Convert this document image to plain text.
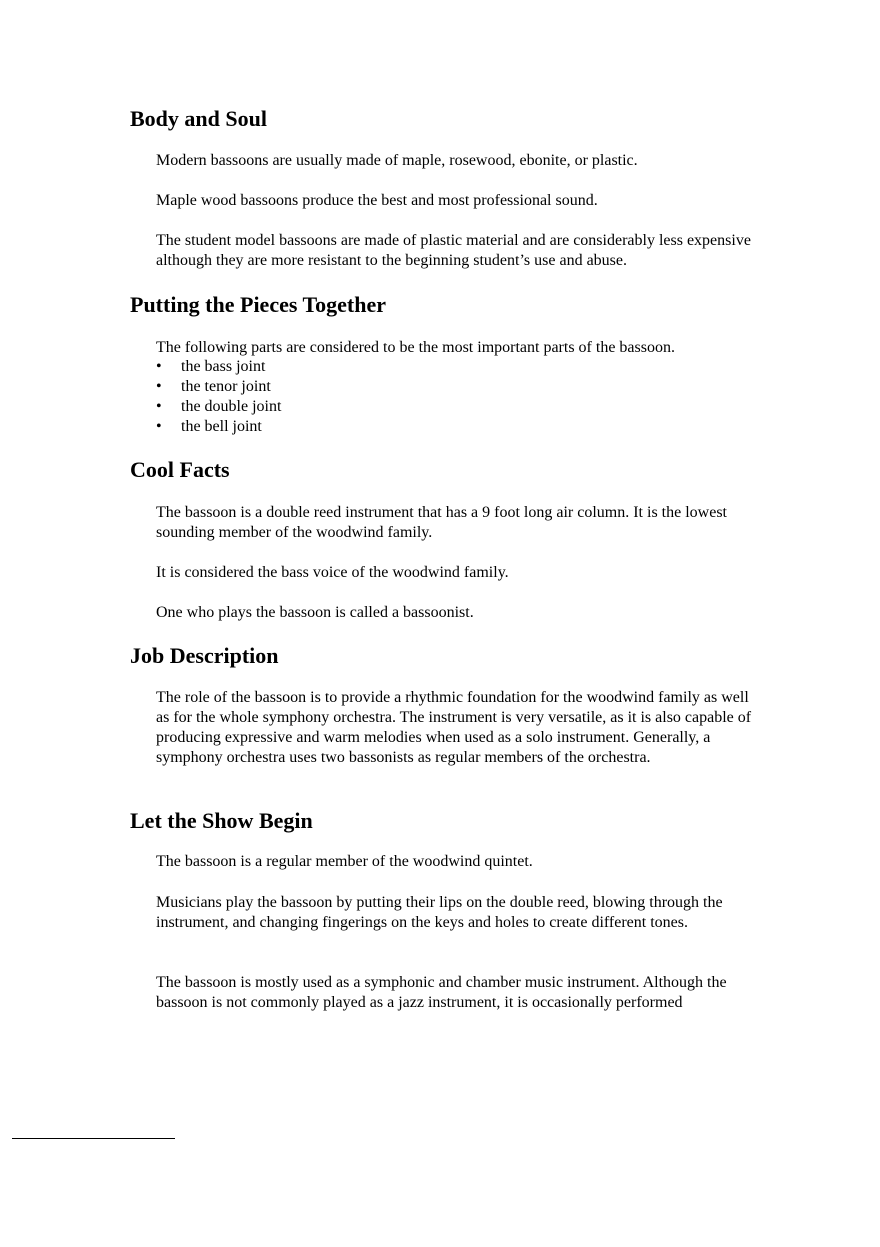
Body and Soul

Modern bassoons are usually made of maple, rosewood, ebonite, or plastic.

Maple wood bassoons produce the best and most professional sound.

The student model bassoons are made of plastic material and are considerably less expensive although they are more resistant to the beginning student’s use and abuse.

Putting the Pieces Together

The following parts are considered to be the most important parts of the bassoon.

• the bass joint
• the tenor joint
• the double joint
• the bell joint
Cool Facts

The bassoon is a double reed instrument that has a 9 foot long air column. It is the lowest sounding member of the woodwind family.

It is considered the bass voice of the woodwind family.

One who plays the bassoon is called a bassoonist.

Job Description

The role of the bassoon is to provide a rhythmic foundation for the woodwind family as well as for the whole symphony orchestra. The instrument is very versatile, as it is also capable of producing expressive and warm melodies when used as a solo instrument. Generally, a symphony orchestra uses two bassonists as regular members of the orchestra.

Let the Show Begin

The bassoon is a regular member of the woodwind quintet.

Musicians play the bassoon by putting their lips on the double reed, blowing through the instrument, and changing fingerings on the keys and holes to create different tones.

The bassoon is mostly used as a symphonic and chamber music instrument. Although the bassoon is not commonly played as a jazz instrument, it is occasionally performed
